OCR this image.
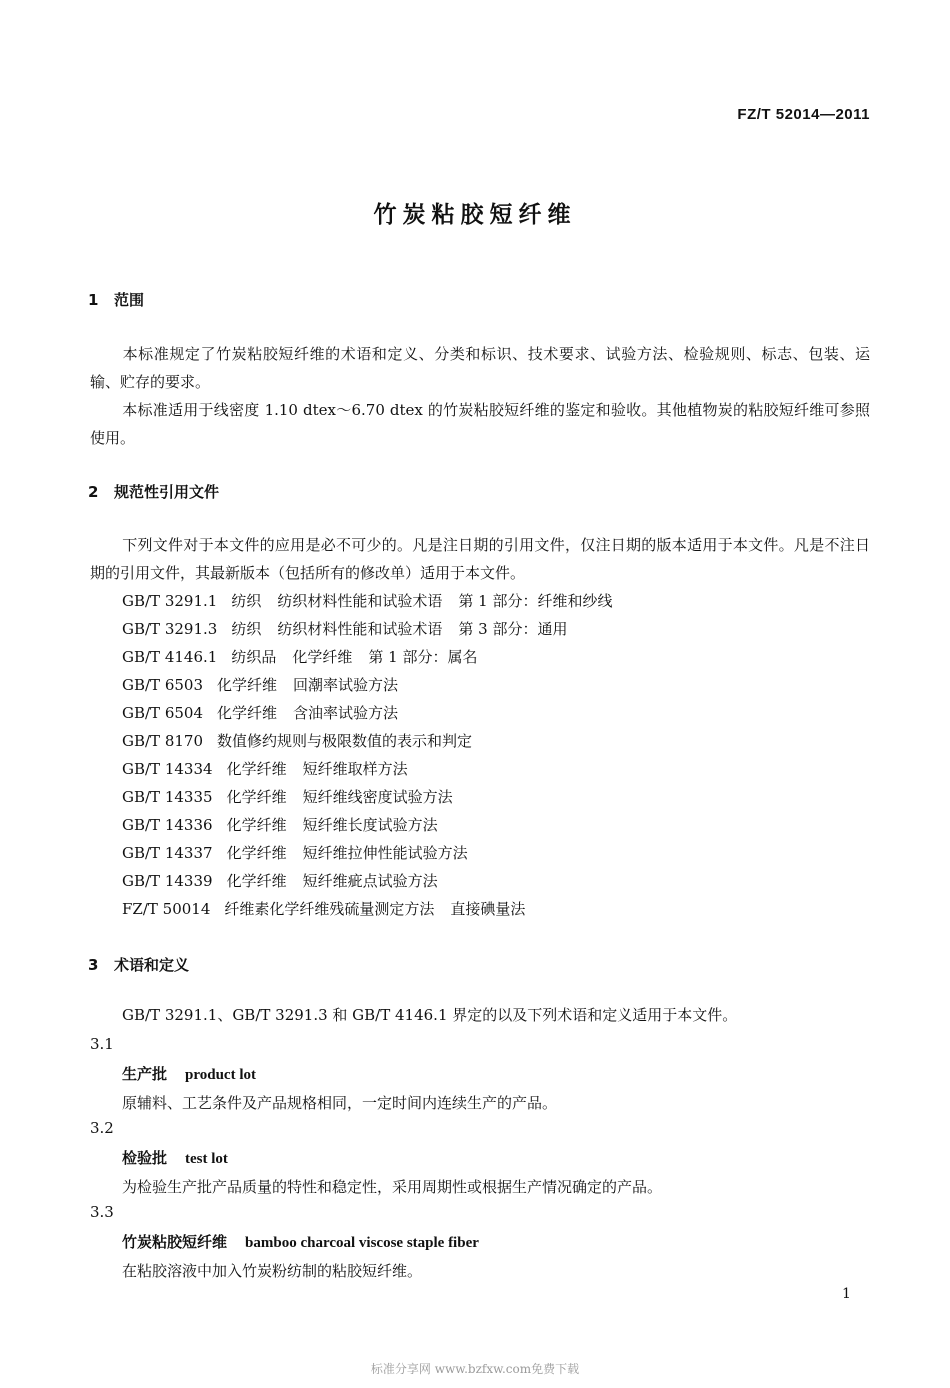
FZ/T 52014—2011
竹炭粘胶短纤维
1 范围
本标准规定了竹炭粘胶短纤维的术语和定义、分类和标识、技术要求、试验方法、检验规则、标志、包装、运输、贮存的要求。
本标准适用于线密度 1.10 dtex～6.70 dtex 的竹炭粘胶短纤维的鉴定和验收。其他植物炭的粘胶短纤维可参照使用。
2 规范性引用文件
下列文件对于本文件的应用是必不可少的。凡是注日期的引用文件，仅注日期的版本适用于本文件。凡是不注日期的引用文件，其最新版本（包括所有的修改单）适用于本文件。
GB/T 3291.1 纺织 纺织材料性能和试验术语 第 1 部分：纤维和纱线
GB/T 3291.3 纺织 纺织材料性能和试验术语 第 3 部分：通用
GB/T 4146.1 纺织品 化学纤维 第 1 部分：属名
GB/T 6503 化学纤维 回潮率试验方法
GB/T 6504 化学纤维 含油率试验方法
GB/T 8170 数值修约规则与极限数值的表示和判定
GB/T 14334 化学纤维 短纤维取样方法
GB/T 14335 化学纤维 短纤维线密度试验方法
GB/T 14336 化学纤维 短纤维长度试验方法
GB/T 14337 化学纤维 短纤维拉伸性能试验方法
GB/T 14339 化学纤维 短纤维疵点试验方法
FZ/T 50014 纤维素化学纤维残硫量测定方法 直接碘量法
3 术语和定义
GB/T 3291.1、GB/T 3291.3 和 GB/T 4146.1 界定的以及下列术语和定义适用于本文件。
3.1
生产批 product lot
原辅料、工艺条件及产品规格相同，一定时间内连续生产的产品。
3.2
检验批 test lot
为检验生产批产品质量的特性和稳定性，采用周期性或根据生产情况确定的产品。
3.3
竹炭粘胶短纤维 bamboo charcoal viscose staple fiber
在粘胶溶液中加入竹炭粉纺制的粘胶短纤维。
1
标准分享网 www.bzfxw.com免费下载
